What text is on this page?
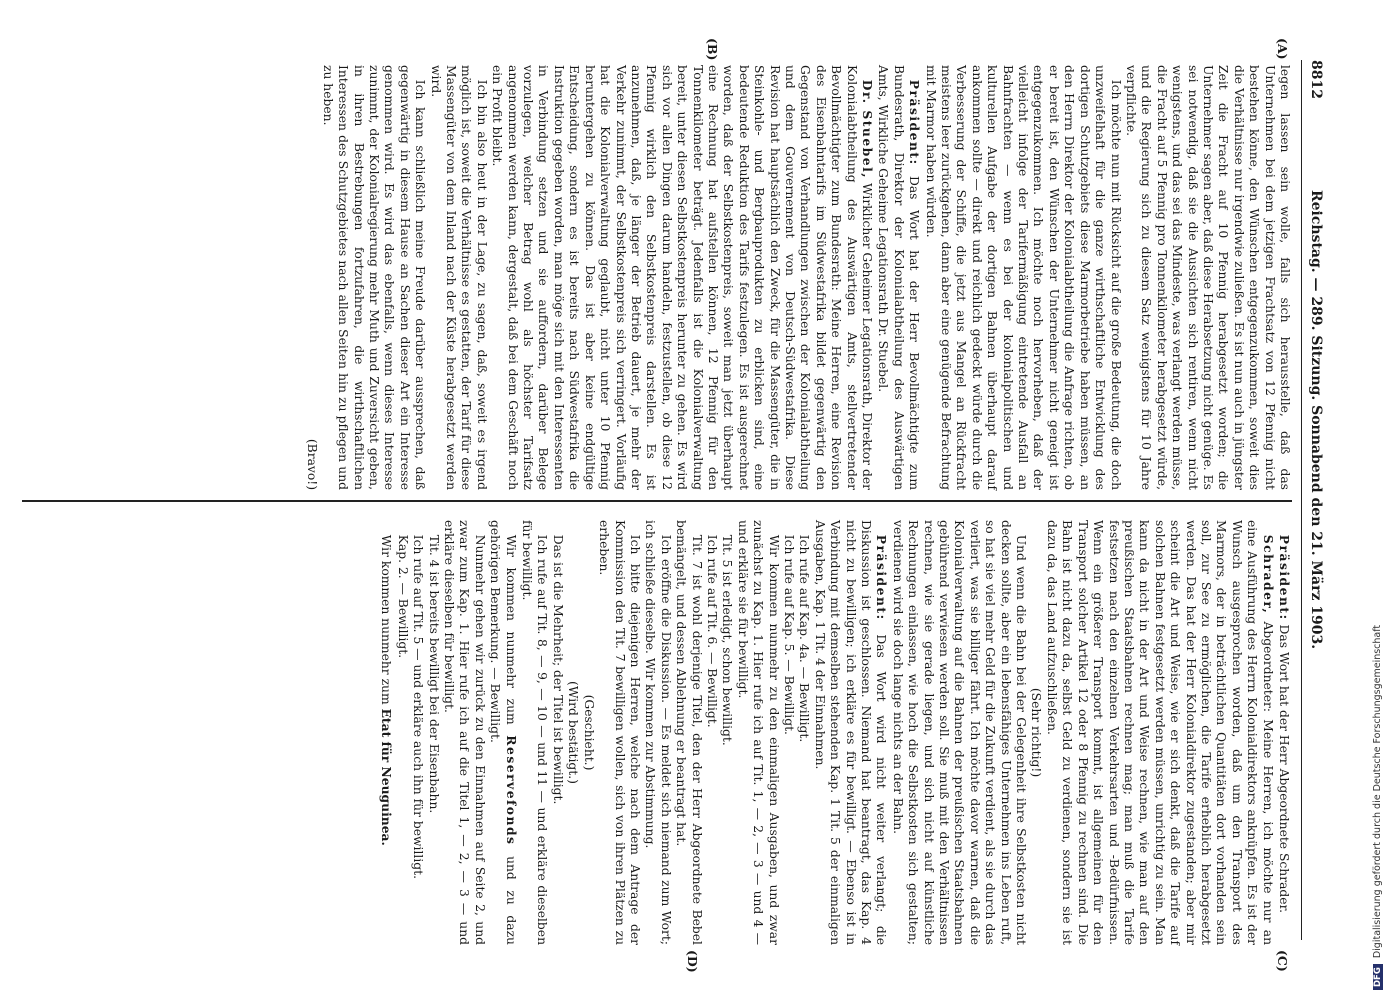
8812
Reichstag. — 289. Sitzung. Sonnabend den 21. März 1903.
(A)
(B)
(C)
(D)

legen lassen sein wolle, falls sich herausstelle, daß das Unternehmen bei dem jetzigen Frachtsatz von 12 Pfennig nicht bestehen könne, den Wünschen entgegenzukommen, soweit dies die Verhältnisse nur irgendwie zuließen. Es ist nun auch in jüngster Zeit die Fracht auf 10 Pfennig herabgesetzt worden; die Unternehmer sagen aber, daß diese Herabsetzung nicht genüge. Es sei notwendig, daß sie die Aussichten sich rentiren, wenn nicht wenigstens, und das sei das Mindeste, was verlangt werden müsse, die Fracht auf 5 Pfennig pro Tonnenkilometer herabgesetzt würde, und die Regierung sich zu diesem Satz wenigstens für 10 Jahre verpflichte.

Ich möchte nun mit Rücksicht auf die große Bedeutung, die doch unzweifelhaft für die ganze wirthschaftliche Entwicklung des dortigen Schutzgebiets diese Marmorbetriebe haben müssen, an den Herrn Direktor der Kolonialabtheilung die Anfrage richten, ob er bereit ist, den Wünschen der Unternehmer nicht geneigt ist entgegenzukommen. Ich möchte noch hervorheben, daß der vielleicht infolge der Tarifermäßigung eintretende Ausfall an Bahnfrachten — wenn es bei der kolonialpolitischen und kulturellen Aufgabe der dortigen Bahnen überhaupt darauf ankommen sollte — direkt und reichlich gedeckt würde durch die Verbesserung der Schiffe, die jetzt aus Mangel an Rückfracht meistens leer zurückgehen, dann aber eine genügende Befrachtung mit Marmor haben würden.

Präsident: Das Wort hat der Herr Bevollmächtigte zum Bundesrath, Direktor der Kolonialabtheilung des Auswärtigen Amts, Wirkliche Geheime Legationsrath Dr. Stuebel.

Dr. Stuebel, Wirklicher Geheimer Legationsrath, Direktor der Kolonialabtheilung des Auswärtigen Amts, stellvertretender Bevollmächtigter zum Bundesrath: Meine Herren, eine Revision des Eisenbahntarifs im Südwestafrika bildet gegenwärtig den Gegenstand von Verhandlungen zwischen der Kolonialabtheilung und dem Gouvernement von Deutsch-Südwestafrika. Diese Revision hat hauptsächlich den Zweck, für die Massengüter, die in Steinkohle- und Bergbauprodukten zu erblicken sind, eine bedeutende Reduktion des Tarifs festzulegen. Es ist ausgerechnet worden, daß der Selbstkostenpreis, soweit man jetzt überhaupt eine Rechnung hat aufstellen können, 12 Pfennig für den Tonnenkilometer beträgt. Jedenfalls ist die Kolonialverwaltung bereit, unter diesen Selbstkostenpreis herunter zu gehen. Es wird sich vor allen Dingen darum handeln, festzustellen, ob diese 12 Pfennig wirklich den Selbstkostenpreis darstellen. Es ist anzunehmen, daß, je länger der Betrieb dauert, je mehr der Verkehr zunimmt, der Selbstkostenpreis sich verringert. Vorläufig hat die Kolonialverwaltung geglaubt, nicht unter 10 Pfennig heruntergehen zu können. Das ist aber keine endgültige Entscheidung, sondern es ist bereits nach Südwestafrika die Instruktion gegeben worden, man möge sich mit den Interessenten in Verbindung setzen und sie auffordern, darüber Belege vorzulegen, welcher Betrag wohl als höchster Tarifsatz angenommen werden kann, dergestalt, daß bei dem Geschäft noch ein Profit bleibt.

Ich bin also heut in der Lage, zu sagen, daß, soweit es irgend möglich ist, soweit die Verhältnisse es gestatten, der Tarif für diese Massengüter von dem Inland nach der Küste herabgesetzt werden wird.

Ich kann schließlich meine Freude darüber aussprechen, daß gegenwärtig in diesem Hause an Sachen dieser Art ein Interesse genommen wird. Es wird das ebenfalls, wenn dieses Interesse zunimmt, der Kolonialregierung mehr Muth und Zuversicht geben, in ihren Bestrebungen fortzufahren, die wirthschaftlichen Interessen des Schutzgebietes nach allen Seiten hin zu pflegen und zu heben.

(Bravo!)

Präsident: Das Wort hat der Herr Abgeordnete Schrader.

Schrader, Abgeordneter: Meine Herren, ich möchte nur an eine Ausführung des Herrn Kolonialdirektors anknüpfen. Es ist der Wunsch ausgesprochen worden, daß um den Transport des Marmors, der in beträchtlichen Quantitäten dort vorhanden sein soll, zur See zu ermöglichen, die Tarife erheblich herabgesetzt werden. Das hat der Herr Kolonialdirektor zugestanden; aber mir scheint die Art und Weise, wie er sich denkt, daß die Tarife auf solchen Bahnen festgesetzt werden müssen, unrichtig zu sein. Man kann da nicht in der Art und Weise rechnen, wie man auf den preußischen Staatsbahnen rechnen mag; man muß die Tarife festsetzen nach den einzelnen Verkehrsarten und -Bedürfnissen. Wenn ein größerer Transport kommt, ist allgemeinen für den Transport solcher Artikel 12 oder 8 Pfennig zu rechnen sind. Die Bahn ist nicht dazu da, selbst Geld zu verdienen, sondern sie ist dazu da, das Land aufzuschließen.

(Sehr richtig!)

Und wenn die Bahn bei der Gelegenheit ihre Selbstkosten nicht decken sollte, aber ein lebensfähiges Unternehmen ins Leben ruft, so hat sie viel mehr Geld für die Zukunft verdient, als sie durch das verliert, was sie billiger fährt. Ich möchte davor warnen, daß die Kolonialverwaltung auf die Bahnen der preußischen Staatsbahnen gebührend verwiesen werden soll. Sie muß mit den Verhältnissen rechnen, wie sie gerade liegen, und sich nicht auf künstliche Rechnungen einlassen, wie hoch die Selbstkosten sich gestalten; verdienen wird sie doch lange nichts an der Bahn.

Präsident: Das Wort wird nicht weiter verlangt; die Diskussion ist geschlossen. Niemand hat beantragt, das Kap. 4 nicht zu bewilligen; ich erkläre es für bewilligt. — Ebenso ist in Verbindung mit demselben stehenden Kap. 1 Tit. 5 der einmaligen Ausgaben, Kap. 1 Tit. 4 der Einnahmen.

Ich rufe auf Kap. 4a. — Bewilligt.

Ich rufe auf Kap. 5. — Bewilligt.

Wir kommen nunmehr zu den einmaligen Ausgaben, und zwar zunächst zu Kap. 1. Hier rufe ich auf Tit. 1, — 2, — 3 — und 4 — und erkläre sie für bewilligt.

Tit. 5 ist erledigt, schon bewilligt.

Ich rufe auf Tit. 6. — Bewilligt.

Tit. 7 ist wohl derjenige Titel, den der Herr Abgeordnete Bebel bemängelt, und dessen Ablehnung er beantragt hat.

Ich eröffne die Diskussion. — Es meldet sich niemand zum Wort; ich schließe dieselbe. Wir kommen zur Abstimmung.

Ich bitte diejenigen Herren, welche nach dem Antrage der Kommission den Tit. 7 bewilligen wollen, sich von ihren Plätzen zu erheben.

(Geschieht.)

(Wird bestätigt.)

Das ist die Mehrheit; der Titel ist bewilligt.

Ich rufe auf Tit. 8, — 9, — 10 — und 11 — und erkläre dieselben für bewilligt.

Wir kommen nunmehr zum Reservefonds und zu dazu gehörigen Bemerkung. — Bewilligt.

Nunmehr gehen wir zurück zu den Einnahmen auf Seite 2, und zwar zum Kap. 1. Hier rufe ich auf die Titel 1, — 2, — 3 — und erkläre dieselben für bewilligt.

Tit. 4 ist bereits bewilligt bei der Eisenbahn.

Ich rufe auf Tit. 5 — und erkläre auch ihn für bewilligt.

Kap. 2. — Bewilligt.

Wir kommen nunmehr zum Etat für Neuguinea.

DFGDigitalisierung gefördert durch die Deutsche Forschungsgemeinschaft
